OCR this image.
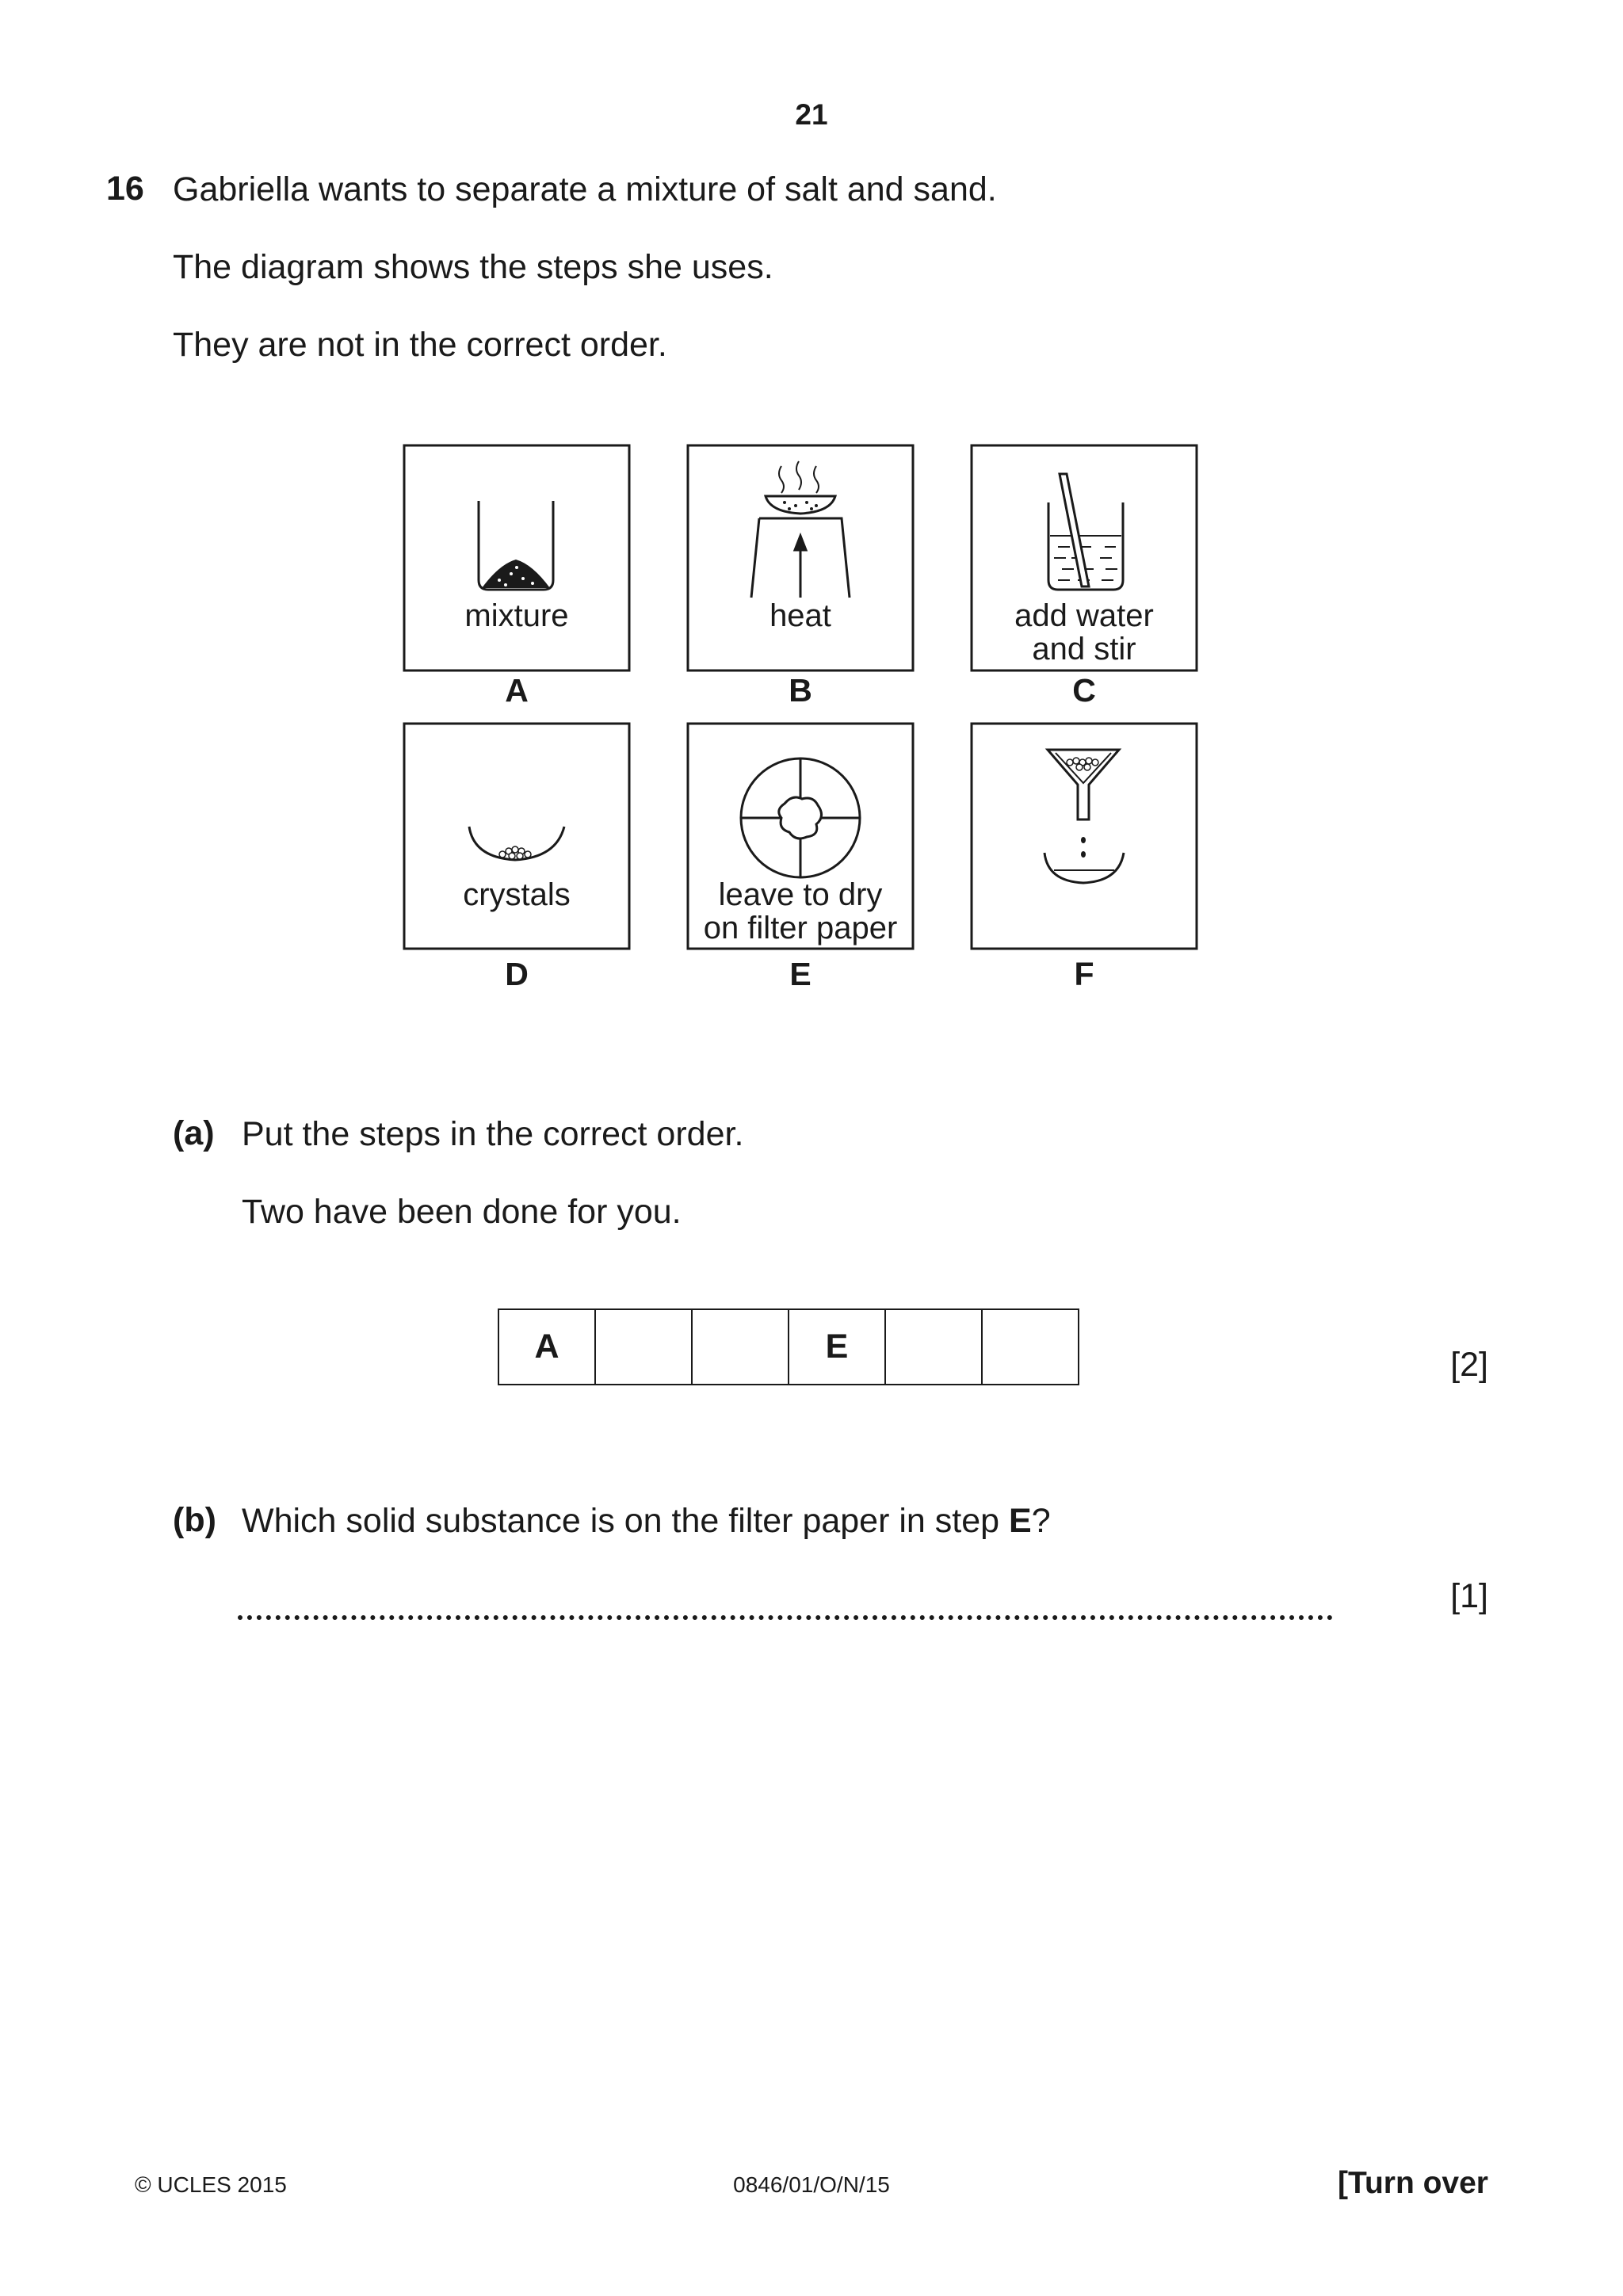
21
16 Gabriella wants to separate a mixture of salt and sand.
The diagram shows the steps she uses.
They are not in the correct order.
mixture	heat	add water
and stir
crystals	leave to dry
on filter paper
A	B	C
D	E	F
(a) Put the steps in the correct order.
Two have been done for you.
A			E			[2]
(b) Which solid substance is on the filter paper in step E?
[1]
© UCLES 2015	0846/01/O/N/15	[Turn over
